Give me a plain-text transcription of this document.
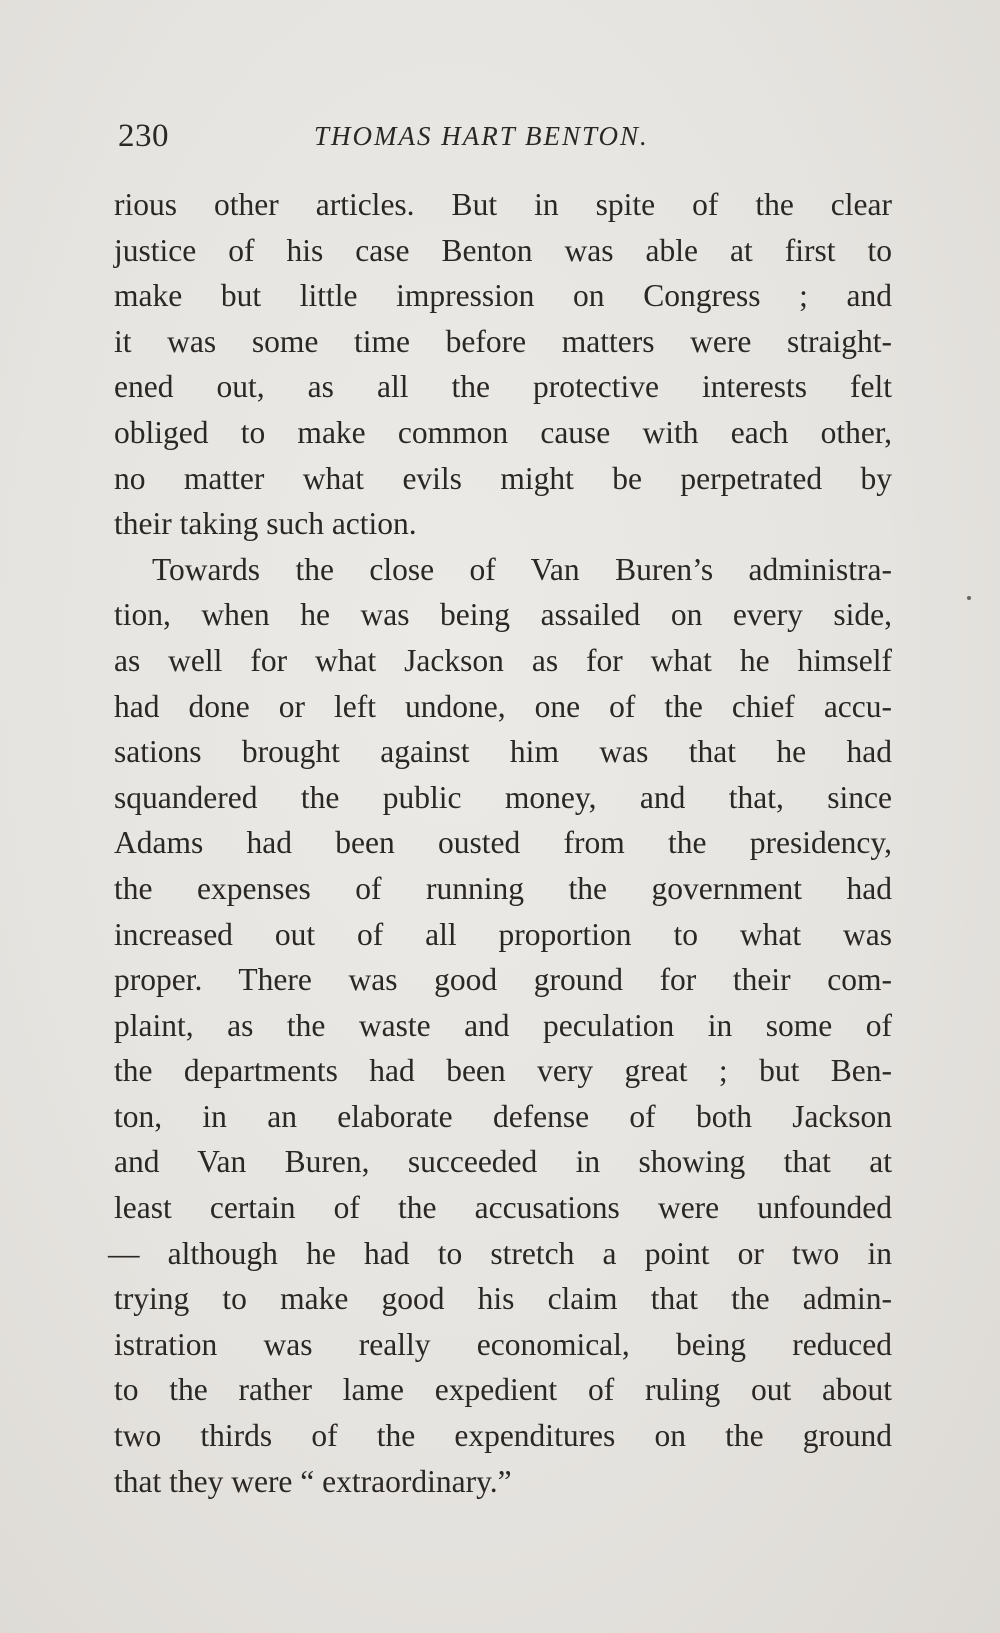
230	THOMAS HART BENTON.
rious other articles. But in spite of the clear
justice of his case Benton was able at first to
make but little impression on Congress ; and
it was some time before matters were straight-
ened out, as all the protective interests felt
obliged to make common cause with each other,
no matter what evils might be perpetrated by
their taking such action.
Towards the close of Van Buren’s administra-
tion, when he was being assailed on every side,
as well for what Jackson as for what he himself
had done or left undone, one of the chief accu-
sations brought against him was that he had
squandered the public money, and that, since
Adams had been ousted from the presidency,
the expenses of running the government had
increased out of all proportion to what was
proper. There was good ground for their com-
plaint, as the waste and peculation in some of
the departments had been very great ; but Ben-
ton, in an elaborate defense of both Jackson
and Van Buren, succeeded in showing that at
least certain of the accusations were unfounded
— although he had to stretch a point or two in
trying to make good his claim that the admin-
istration was really economical, being reduced
to the rather lame expedient of ruling out about
two thirds of the expenditures on the ground
that they were “ extraordinary.”
